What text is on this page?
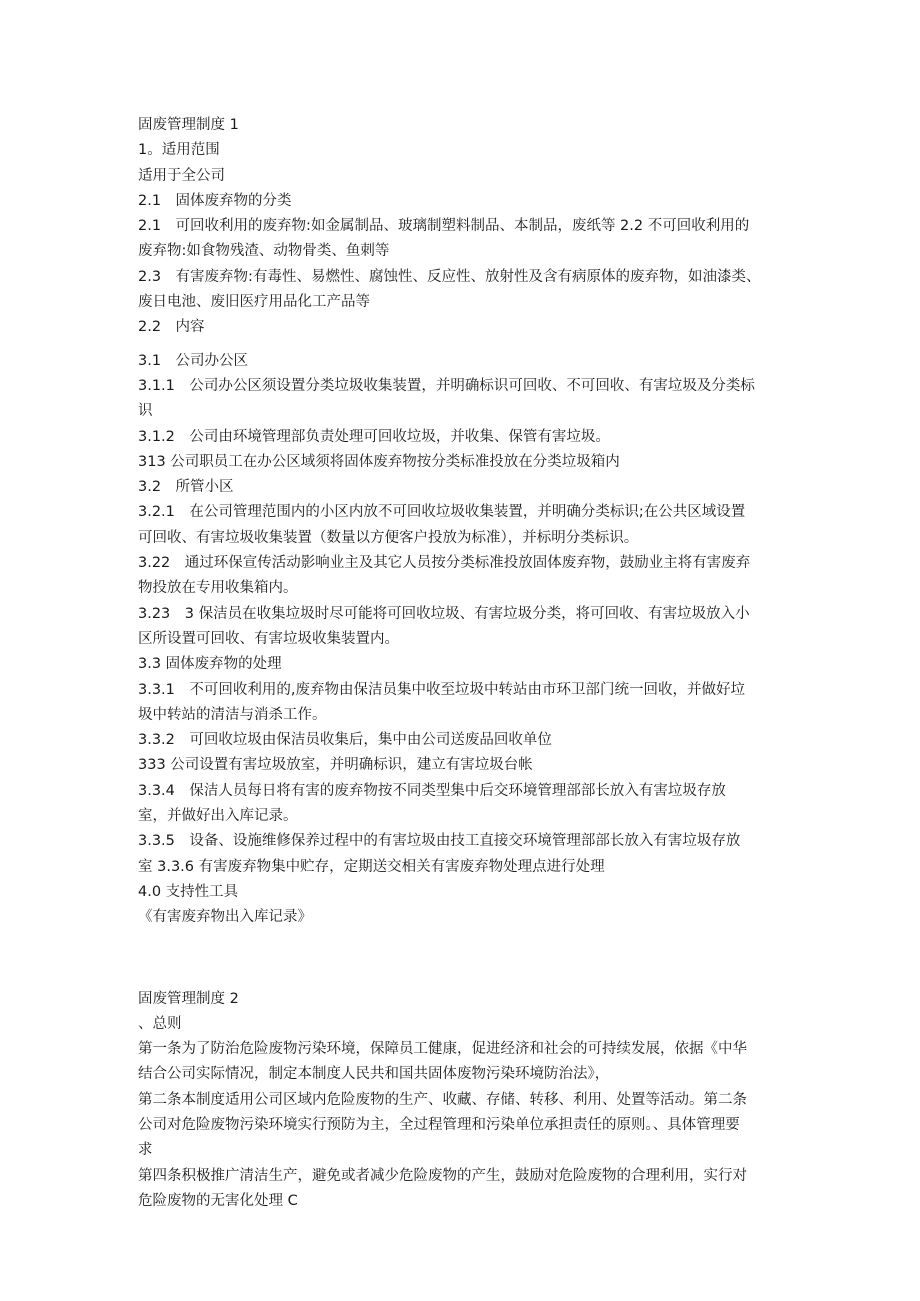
固废管理制度 1
1。适用范围
适用于全公司
2.1　固体废弃物的分类
2.1　可回收利用的废弃物:如金属制品、玻璃制塑料制品、本制品，废纸等 2.2 不可回收利用的
废弃物:如食物残渣、动物骨类、鱼刺等
2.3　有害废弃物:有毒性、易燃性、腐蚀性、反应性、放射性及含有病原体的废弃物，如油漆类、
废日电池、废旧医疗用品化工产品等
2.2　内容
3.1　公司办公区
3.1.1　公司办公区须设置分类垃圾收集装置，并明确标识可回收、不可回收、有害垃圾及分类标
识
3.1.2　公司由环境管理部负责处理可回收垃圾，并收集、保管有害垃圾。
313 公司职员工在办公区域须将固体废弃物按分类标准投放在分类垃圾箱内
3.2　所管小区
3.2.1　在公司管理范围内的小区内放不可回收垃圾收集装置，并明确分类标识;在公共区域设置
可回收、有害垃圾收集装置（数量以方便客户投放为标准），并标明分类标识。
3.22　通过环保宣传活动影响业主及其它人员按分类标准投放固体废弃物，鼓励业主将有害废弃
物投放在专用收集箱内。
3.23　3 保洁员在收集垃圾时尽可能将可回收垃圾、有害垃圾分类，将可回收、有害垃圾放入小
区所设置可回收、有害垃圾收集装置内。
3.3 固体废弃物的处理
3.3.1　不可回收利用的,废弃物由保洁员集中收至垃圾中转站由市环卫部门统一回收，并做好垃
圾中转站的清洁与消杀工作。
3.3.2　可回收垃圾由保洁员收集后，集中由公司送废品回收单位
333 公司设置有害垃圾放室，并明确标识，建立有害垃圾台帐
3.3.4　保洁人员每日将有害的废弃物按不同类型集中后交环境管理部部长放入有害垃圾存放
室，并做好出入库记录。
3.3.5　设备、设施维修保养过程中的有害垃圾由技工直接交环境管理部部长放入有害垃圾存放
室 3.3.6 有害废弃物集中贮存，定期送交相关有害废弃物处理点进行处理
4.0 支持性工具
《有害废弃物出入库记录》
固废管理制度 2
、总则
第一条为了防治危险废物污染环境，保障员工健康，促进经济和社会的可持续发展，依据《中华
结合公司实际情况，制定本制度人民共和国共固体废物污染环境防治法》，
第二条本制度适用公司区域内危险废物的生产、收藏、存储、转移、利用、处置等活动。第二条
公司对危险废物污染环境实行预防为主，全过程管理和污染单位承担责任的原则。、具体管理要
求
第四条积极推广清洁生产，避免或者减少危险废物的产生，鼓励对危险废物的合理利用，实行对
危险废物的无害化处理 C
